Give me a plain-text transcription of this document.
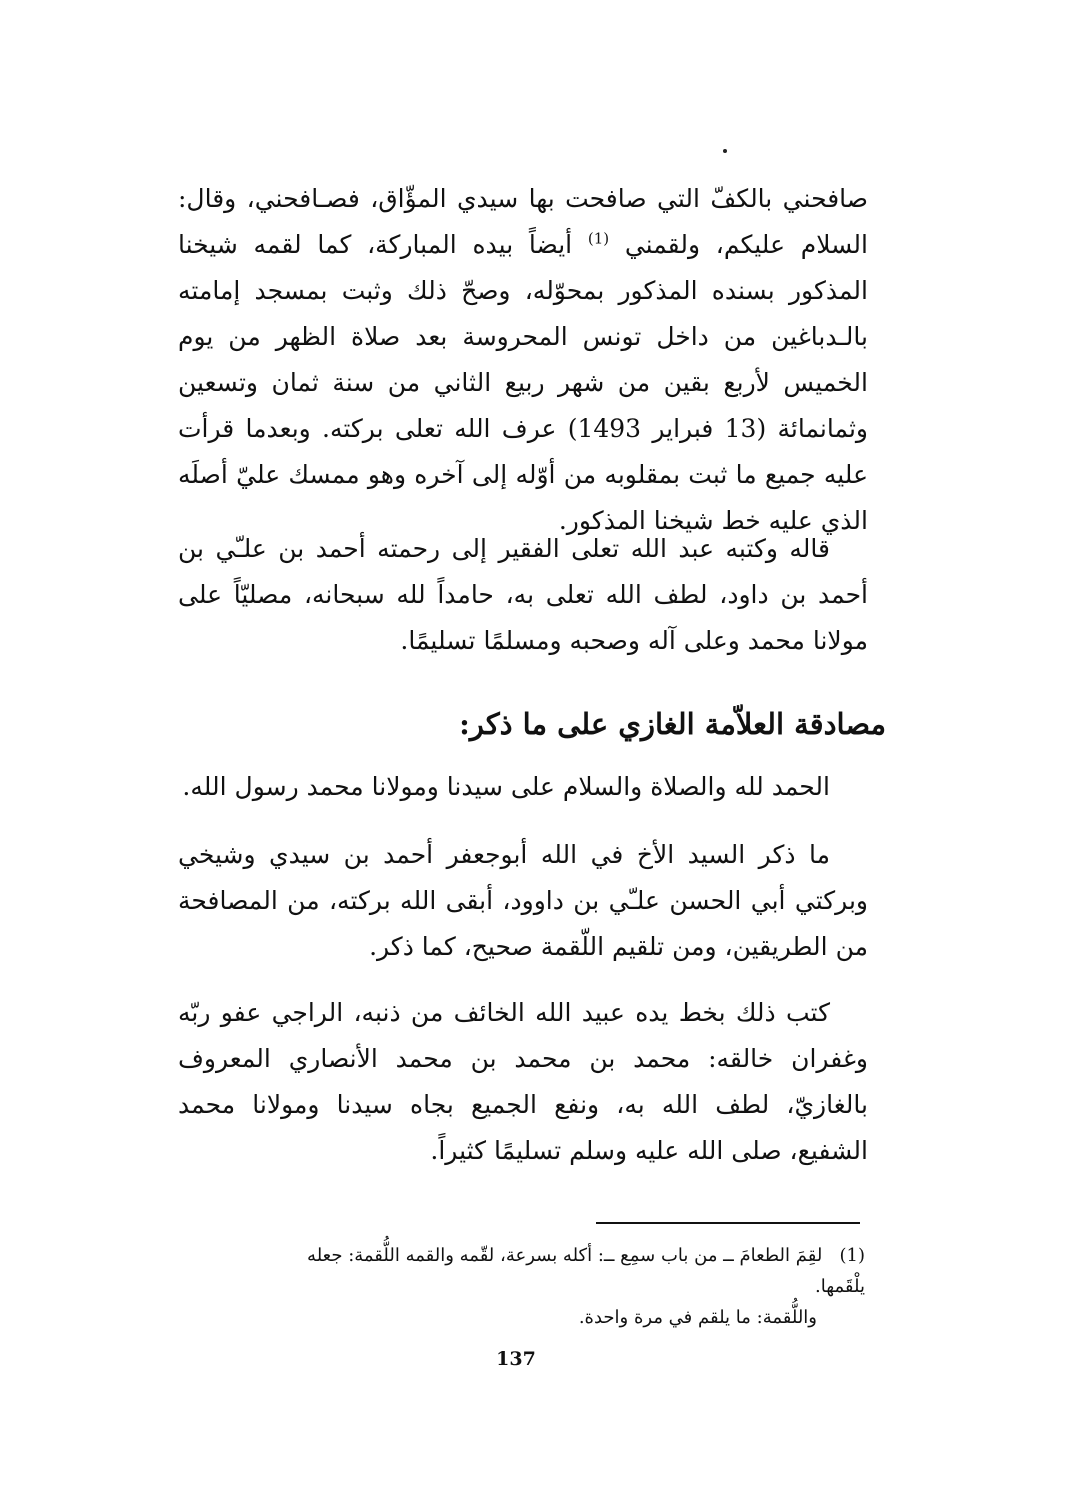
صافحني بالكفّ التي صافحت بها سيدي المؤّاق، فصـافحني، وقال: السلام عليكم، ولقمني $^{(1)}$ أيضاً بيده المباركة، كما لقمه شيخنا المذكور بسنده المذكور بمحوّله، وصحّ ذلك وثبت بمسجد إمامته بالـدباغين من داخل تونس المحروسة بعد صلاة الظهر من يوم الخميس لأربع بقين من شهر ربيع الثاني من سنة ثمان وتسعين وثمانمائة (13 فبراير 1493) عرف الله تعلى بركته. وبعدما قرأت عليه جميع ما ثبت بمقلوبه من أوّله إلى آخره وهو ممسك عليّ أصلَه الذي عليه خط شيخنا المذكور.

قاله وكتبه عبد الله تعلى الفقير إلى رحمته أحمد بن علـّي بن أحمد بن داود، لطف الله تعلى به، حامداً لله سبحانه، مصليّاً على مولانا محمد وعلى آله وصحبه ومسلمًا تسليمًا.

مصادقة العلاّمة الغازي على ما ذكر:

الحمد لله والصلاة والسلام على سيدنا ومولانا محمد رسول الله.

ما ذكر السيد الأخ في الله أبوجعفر أحمد بن سيدي وشيخي وبركتي أبي الحسن علـّي بن داوود، أبقى الله بركته، من المصافحة من الطريقين، ومن تلقيم اللّقمة صحيح، كما ذكر.

كتب ذلك بخط يده عبيد الله الخائف من ذنبه، الراجي عفو ربّه وغفران خالقه: محمد بن محمد بن محمد الأنصاري المعروف بالغازيّ، لطف الله به، ونفع الجميع بجاه سيدنا ومولانا محمد الشفيع، صلى الله عليه وسلم تسليمًا كثيراً.

(1)   لقِمَ الطعامَ ــ من باب سمِع ــ: أكله بسرعة، لقّمه والقمه اللُّقمة: جعله يلْقَمها.
واللُّقمة: ما يلقم في مرة واحدة.
137
